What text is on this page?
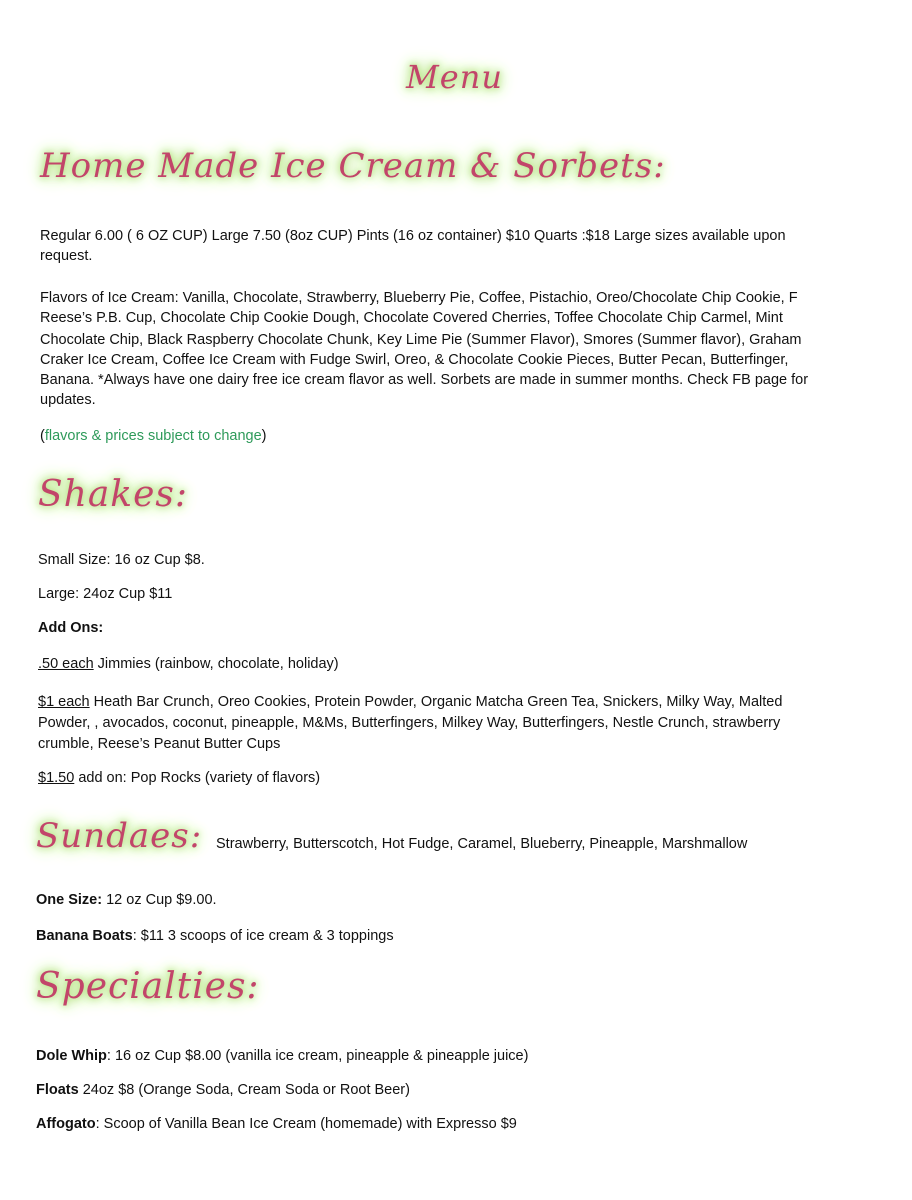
Menu
Home Made Ice Cream & Sorbets:
Regular 6.00 ( 6 OZ CUP) Large 7.50 (8oz CUP) Pints (16 oz container) $10 Quarts :$18 Large sizes available upon
request.
Flavors of Ice Cream: Vanilla, Chocolate, Strawberry, Blueberry Pie, Coffee, Pistachio, Oreo/Chocolate Chip Cookie, F
Reese’s P.B. Cup, Chocolate Chip Cookie Dough, Chocolate Covered Cherries, Toffee Chocolate Chip Carmel, Mint
Chocolate Chip, Black Raspberry Chocolate Chunk, Key Lime Pie (Summer Flavor), Smores (Summer flavor), Graham
Craker Ice Cream, Coffee Ice Cream with Fudge Swirl, Oreo, & Chocolate Cookie Pieces, Butter Pecan, Butterfinger,
Banana. *Always have one dairy free ice cream flavor as well. Sorbets are made in summer months. Check FB page for
updates.
(flavors & prices subject to change)
Shakes:
Small Size: 16 oz Cup $8.
Large: 24oz Cup $11
Add Ons:
.50 each Jimmies (rainbow, chocolate, holiday)
$1 each Heath Bar Crunch, Oreo Cookies, Protein Powder, Organic Matcha Green Tea, Snickers, Milky Way, Malted
Powder, , avocados, coconut, pineapple, M&Ms, Butterfingers, Milkey Way, Butterfingers, Nestle Crunch, strawberry
crumble, Reese’s Peanut Butter Cups
$1.50 add on: Pop Rocks (variety of flavors)
Sundaes: Strawberry, Butterscotch, Hot Fudge, Caramel, Blueberry, Pineapple, Marshmallow
One Size: 12 oz Cup $9.00.
Banana Boats: $11 3 scoops of ice cream & 3 toppings
Specialties:
Dole Whip: 16 oz Cup $8.00 (vanilla ice cream, pineapple & pineapple juice)
Floats 24oz $8 (Orange Soda, Cream Soda or Root Beer)
Affogato: Scoop of Vanilla Bean Ice Cream (homemade) with Expresso $9
